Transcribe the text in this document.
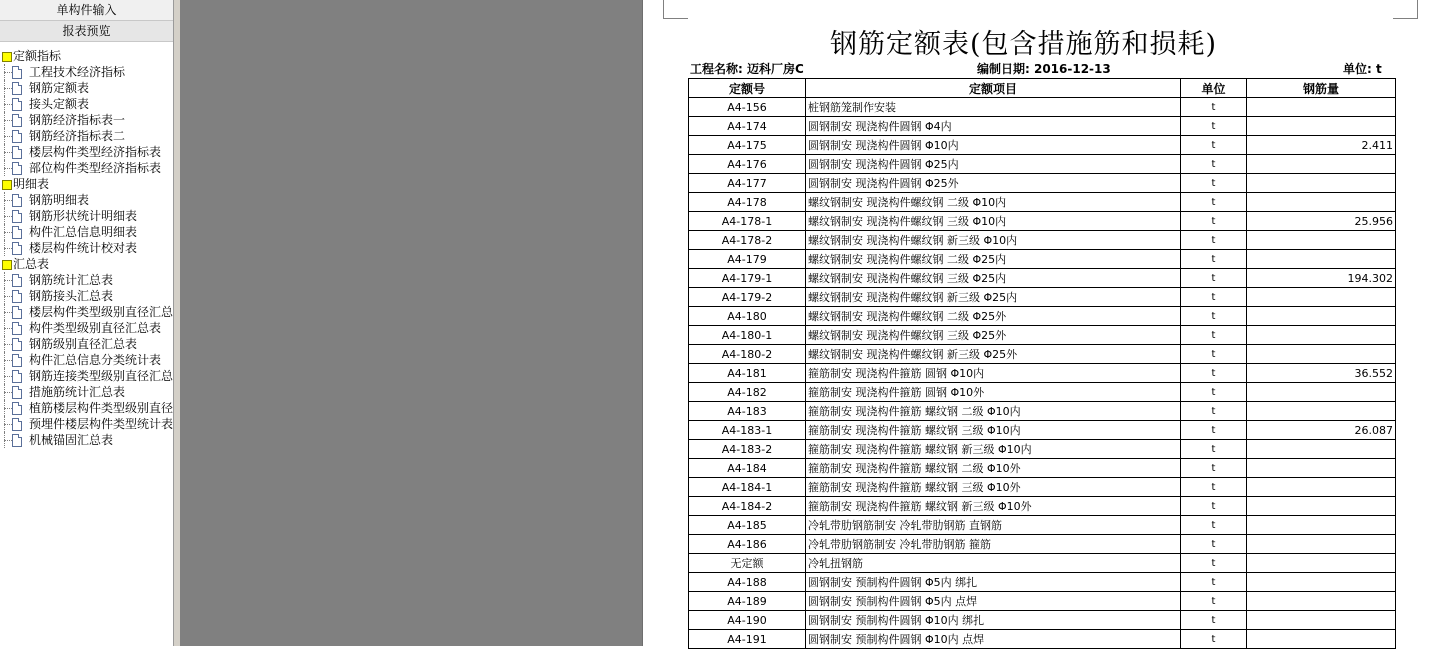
单构件输入
报表预览
定额指标
工程技术经济指标
钢筋定额表
接头定额表
钢筋经济指标表一
钢筋经济指标表二
楼层构件类型经济指标表
部位构件类型经济指标表
明细表
钢筋明细表
钢筋形状统计明细表
构件汇总信息明细表
楼层构件统计校对表
汇总表
钢筋统计汇总表
钢筋接头汇总表
楼层构件类型级别直径汇总
构件类型级别直径汇总表
钢筋级别直径汇总表
构件汇总信息分类统计表
钢筋连接类型级别直径汇总
措施筋统计汇总表
植筋楼层构件类型级别直径
预埋件楼层构件类型统计表
机械锚固汇总表
钢筋定额表(包含措施筋和损耗)
工程名称: 迈科厂房C	编制日期: 2016-12-13	单位: t
定额号	定额项目	单位	钢筋量
A4-156	桩钢筋笼制作安装	t	
A4-174	圆钢制安 现浇构件圆钢 Φ4内	t	
A4-175	圆钢制安 现浇构件圆钢 Φ10内	t	2.411
A4-176	圆钢制安 现浇构件圆钢 Φ25内	t	
A4-177	圆钢制安 现浇构件圆钢 Φ25外	t	
A4-178	螺纹钢制安 现浇构件螺纹钢 二级 Φ10内	t	
A4-178-1	螺纹钢制安 现浇构件螺纹钢 三级 Φ10内	t	25.956
A4-178-2	螺纹钢制安 现浇构件螺纹钢 新三级 Φ10内	t	
A4-179	螺纹钢制安 现浇构件螺纹钢 二级 Φ25内	t	
A4-179-1	螺纹钢制安 现浇构件螺纹钢 三级 Φ25内	t	194.302
A4-179-2	螺纹钢制安 现浇构件螺纹钢 新三级 Φ25内	t	
A4-180	螺纹钢制安 现浇构件螺纹钢 二级 Φ25外	t	
A4-180-1	螺纹钢制安 现浇构件螺纹钢 三级 Φ25外	t	
A4-180-2	螺纹钢制安 现浇构件螺纹钢 新三级 Φ25外	t	
A4-181	箍筋制安 现浇构件箍筋 圆钢 Φ10内	t	36.552
A4-182	箍筋制安 现浇构件箍筋 圆钢 Φ10外	t	
A4-183	箍筋制安 现浇构件箍筋 螺纹钢 二级 Φ10内	t	
A4-183-1	箍筋制安 现浇构件箍筋 螺纹钢 三级 Φ10内	t	26.087
A4-183-2	箍筋制安 现浇构件箍筋 螺纹钢 新三级 Φ10内	t	
A4-184	箍筋制安 现浇构件箍筋 螺纹钢 二级 Φ10外	t	
A4-184-1	箍筋制安 现浇构件箍筋 螺纹钢 三级 Φ10外	t	
A4-184-2	箍筋制安 现浇构件箍筋 螺纹钢 新三级 Φ10外	t	
A4-185	冷轧带肋钢筋制安 冷轧带肋钢筋 直钢筋	t	
A4-186	冷轧带肋钢筋制安 冷轧带肋钢筋 箍筋	t	
无定额	冷轧扭钢筋	t	
A4-188	圆钢制安 预制构件圆钢 Φ5内 绑扎	t	
A4-189	圆钢制安 预制构件圆钢 Φ5内 点焊	t	
A4-190	圆钢制安 预制构件圆钢 Φ10内 绑扎	t	
A4-191	圆钢制安 预制构件圆钢 Φ10内 点焊	t	
